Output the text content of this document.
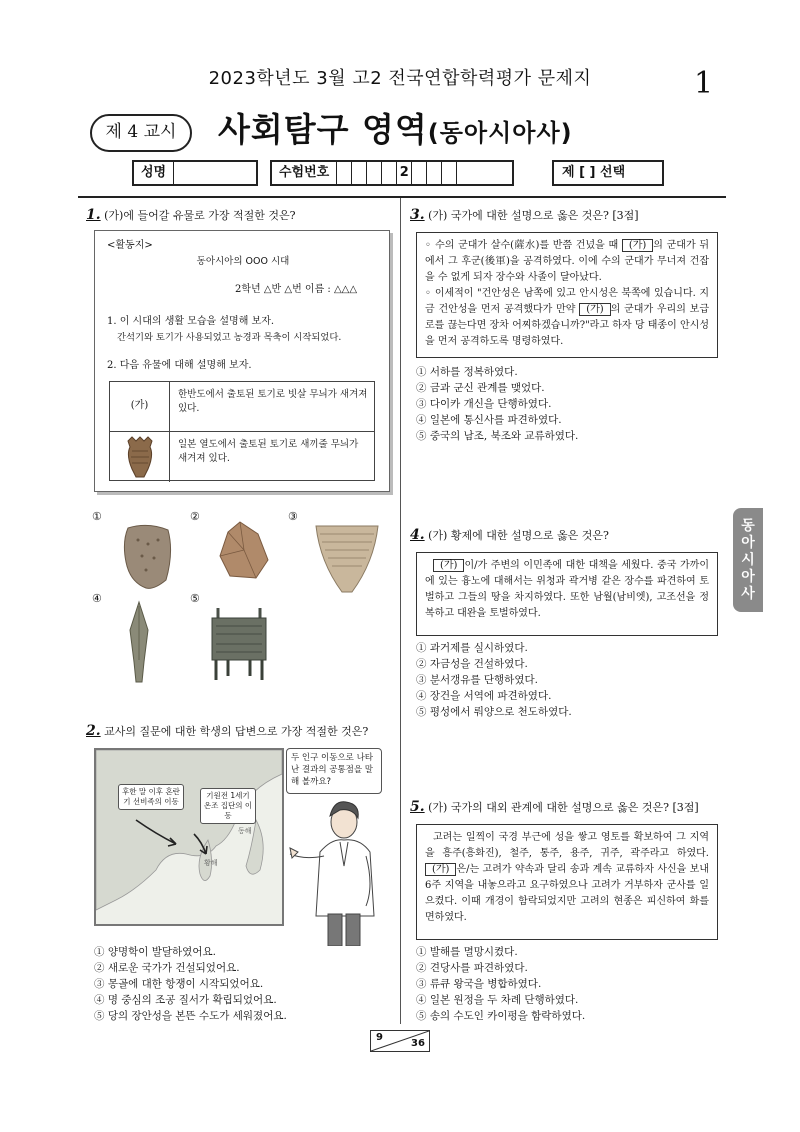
2023학년도 3월 고2 전국연합학력평가 문제지	1
제 4 교시	사회탐구 영역(동아시아사)
성명	수험번호	2	제 [ ] 선택
동아시아사
1. (가)에 들어갈 유물로 가장 적절한 것은?
<활동지>
동아시아의 OOO 시대
2학년 △반 △번 이름 : △△△
1. 이 시대의 생활 모습을 설명해 보자.
간석기와 토기가 사용되었고 농경과 목축이 시작되었다.
2. 다음 유물에 대해 설명해 보자.
(가)
한반도에서 출토된 토기로 빗살 무늬가 새겨져 있다.
일본 열도에서 출토된 토기로 새끼줄 무늬가 새겨져 있다.
①	②	③
④	⑤
2. 교사의 질문에 대한 학생의 답변으로 가장 적절한 것은?
후한 말 이후 혼란기 선비족의 이동
기원전 1세기 온조 집단의 이동
동해
황해
두 인구 이동으로 나타난 결과의 공통점을 말해 볼까요?
① 양명학이 발달하였어요.
② 새로운 국가가 건설되었어요.
③ 몽골에 대한 항쟁이 시작되었어요.
④ 명 중심의 조공 질서가 확립되었어요.
⑤ 당의 장안성을 본뜬 수도가 세워졌어요.
3. (가) 국가에 대한 설명으로 옳은 것은? [3점]
◦ 수의 군대가 살수(薩水)를 반쯤 건넜을 때 (가) 의 군대가 뒤에서 그 후군(後軍)을 공격하였다. 이에 수의 군대가 무너져 건잡을 수 없게 되자 장수와 사졸이 달아났다.
◦ 이세적이 "건안성은 남쪽에 있고 안시성은 북쪽에 있습니다. 지금 건안성을 먼저 공격했다가 만약 (가) 의 군대가 우리의 보급로를 끊는다면 장차 어찌하겠습니까?"라고 하자 당 태종이 안시성을 먼저 공격하도록 명령하였다.
① 서하를 정복하였다.
② 금과 군신 관계를 맺었다.
③ 다이카 개신을 단행하였다.
④ 일본에 통신사를 파견하였다.
⑤ 중국의 남조, 북조와 교류하였다.
4. (가) 황제에 대한 설명으로 옳은 것은?
(가) 이/가 주변의 이민족에 대한 대책을 세웠다. 중국 가까이에 있는 흉노에 대해서는 위청과 곽거병 같은 장수를 파견하여 토벌하고 그들의 땅을 차지하였다. 또한 남월(남비엣), 고조선을 정복하고 대완을 토벌하였다.
① 과거제를 실시하였다.
② 자금성을 건설하였다.
③ 분서갱유를 단행하였다.
④ 장건을 서역에 파견하였다.
⑤ 평성에서 뤄양으로 천도하였다.
5. (가) 국가의 대외 관계에 대한 설명으로 옳은 것은? [3점]
고려는 일찍이 국경 부근에 성을 쌓고 영토를 확보하여 그 지역을 흥주(흥화진), 철주, 통주, 용주, 귀주, 곽주라고 하였다. (가) 은/는 고려가 약속과 달리 송과 계속 교류하자 사신을 보내 6주 지역을 내놓으라고 요구하였으나 고려가 거부하자 군사를 일으켰다. 이때 개경이 함락되었지만 고려의 현종은 피신하여 화를 면하였다.
① 발해를 멸망시켰다.
② 견당사를 파견하였다.
③ 류큐 왕국을 병합하였다.
④ 일본 원정을 두 차례 단행하였다.
⑤ 송의 수도인 카이펑을 함락하였다.
9
36
